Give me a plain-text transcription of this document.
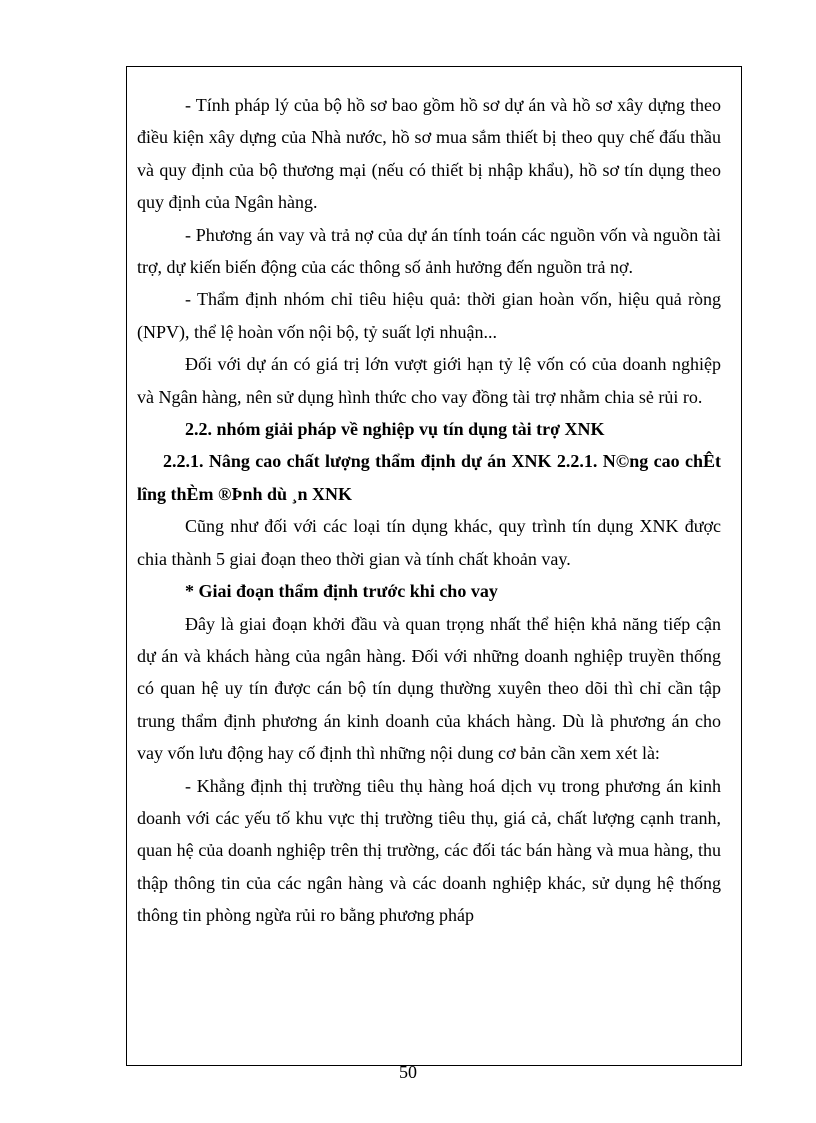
- Tính pháp lý của bộ hồ sơ bao gồm hồ sơ dự án và hồ sơ xây dựng theo điều kiện xây dựng của Nhà nước, hồ sơ mua sắm thiết bị theo quy chế đấu thầu và quy định của bộ thương mại (nếu có thiết bị nhập khẩu), hồ sơ tín dụng theo quy định của Ngân hàng.

- Phương án vay và trả nợ của dự án tính toán các nguồn vốn và nguồn tài trợ, dự kiến biến động của các thông số ảnh hưởng đến nguồn trả nợ.

- Thẩm định nhóm chỉ tiêu hiệu quả: thời gian hoàn vốn, hiệu quả ròng (NPV), thể lệ hoàn vốn nội bộ, tỷ suất lợi nhuận...

Đối với dự án có giá trị lớn vượt giới hạn tỷ lệ vốn có của doanh nghiệp và Ngân hàng, nên sử dụng hình thức cho vay đồng tài trợ nhằm chia sẻ rủi ro.

2.2. nhóm giải pháp về nghiệp vụ tín dụng tài trợ XNK

2.2.1. Nâng cao chất lượng thẩm định dự án XNK 2.2.1. N©ng cao chÊt lîng thÈm ®Þnh dù ¸n XNK

Cũng như đối với các loại tín dụng khác, quy trình tín dụng XNK được chia thành 5 giai đoạn theo thời gian và tính chất khoản vay.

* Giai đoạn thẩm định trước khi cho vay

Đây là giai đoạn khởi đầu và quan trọng nhất thể hiện khả năng tiếp cận dự án và khách hàng của ngân hàng. Đối với những doanh nghiệp truyền thống có quan hệ uy tín được cán bộ tín dụng thường xuyên theo dõi thì chỉ cần tập trung thẩm định phương án kinh doanh của khách hàng. Dù là phương án cho vay vốn lưu động hay cố định thì những nội dung cơ bản cần xem xét là:

- Khẳng định thị trường tiêu thụ hàng hoá dịch vụ trong phương án kinh doanh với các yếu tố khu vực thị trường tiêu thụ, giá cả, chất lượng cạnh tranh, quan hệ của doanh nghiệp trên thị trường, các đối tác bán hàng và mua hàng, thu thập thông tin của các ngân hàng và các doanh nghiệp khác, sử dụng hệ thống thông tin phòng ngừa rủi ro bằng phương pháp

50
